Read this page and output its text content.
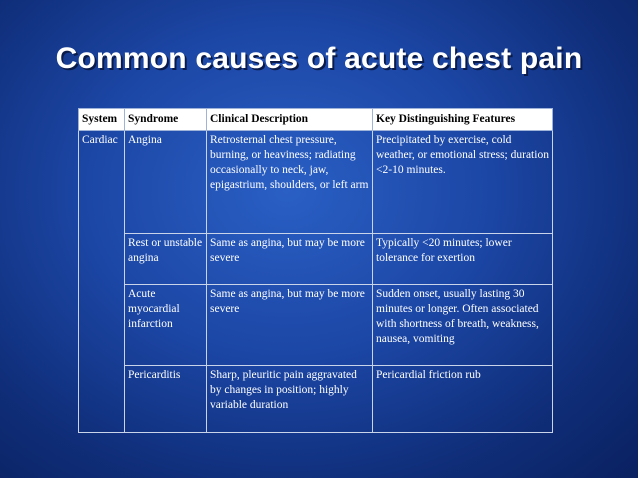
Common causes of acute chest pain
System	Syndrome	Clinical Description	Key Distinguishing Features
Cardiac	Angina	Retrosternal chest pressure, burning, or heaviness; radiating occasionally to neck, jaw, epigastrium, shoulders, or left arm	Precipitated by exercise, cold weather, or emotional stress; duration <2-10 minutes.
	Rest or unstable angina	Same as angina, but may be more severe	Typically <20 minutes; lower tolerance for exertion
	Acute myocardial infarction	Same as angina, but may be more severe	Sudden onset, usually lasting 30 minutes or longer. Often associated with shortness of breath, weakness, nausea, vomiting
	Pericarditis	Sharp, pleuritic pain aggravated by changes in position; highly variable duration	Pericardial friction rub
